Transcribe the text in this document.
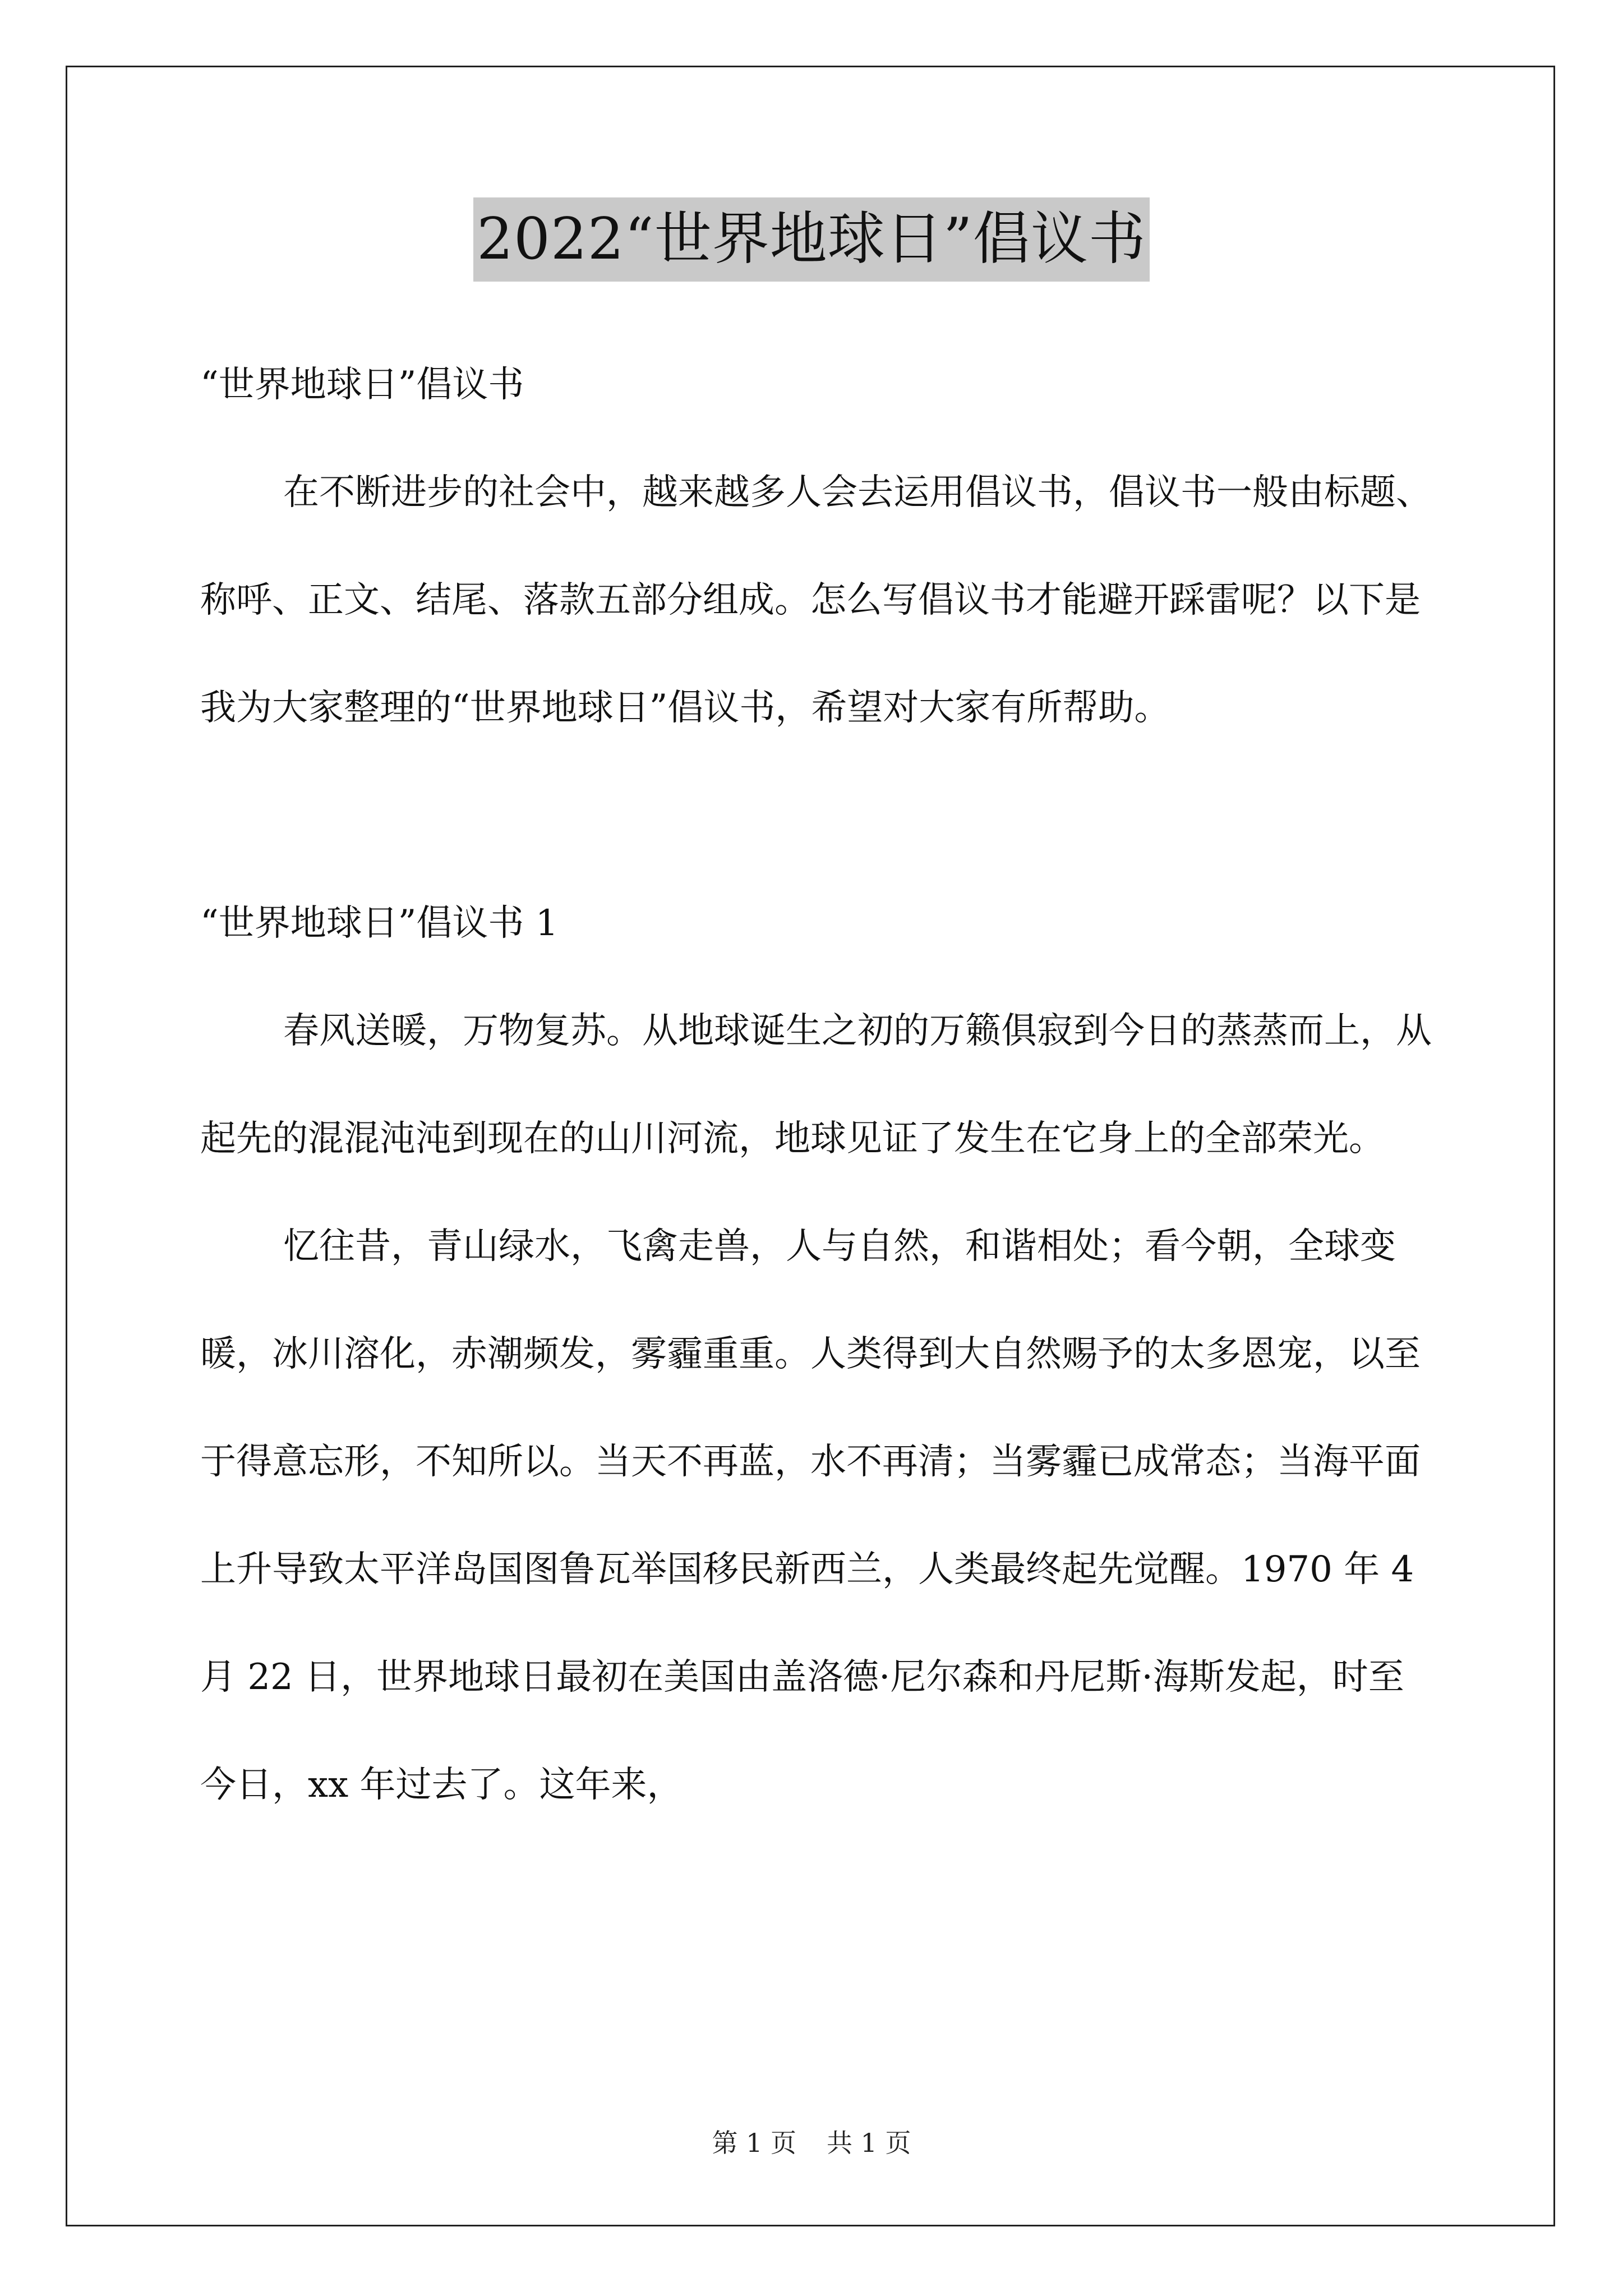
2022“世界地球日”倡议书

“世界地球日”倡议书

在不断进步的社会中，越来越多人会去运用倡议书，倡议书一般由标题、称呼、正文、结尾、落款五部分组成。怎么写倡议书才能避开踩雷呢？以下是我为大家整理的“世界地球日”倡议书，希望对大家有所帮助。

“世界地球日”倡议书 1

春风送暖，万物复苏。从地球诞生之初的万籁俱寂到今日的蒸蒸而上，从起先的混混沌沌到现在的山川河流，地球见证了发生在它身上的全部荣光。

忆往昔，青山绿水，飞禽走兽，人与自然，和谐相处；看今朝，全球变暖，冰川溶化，赤潮频发，雾霾重重。人类得到大自然赐予的太多恩宠，以至于得意忘形，不知所以。当天不再蓝，水不再清；当雾霾已成常态；当海平面上升导致太平洋岛国图鲁瓦举国移民新西兰，人类最终起先觉醒。1970 年 4 月 22 日，世界地球日最初在美国由盖洛德·尼尔森和丹尼斯·海斯发起，时至今日，xx 年过去了。这年来，

第 1 页 共 1 页
